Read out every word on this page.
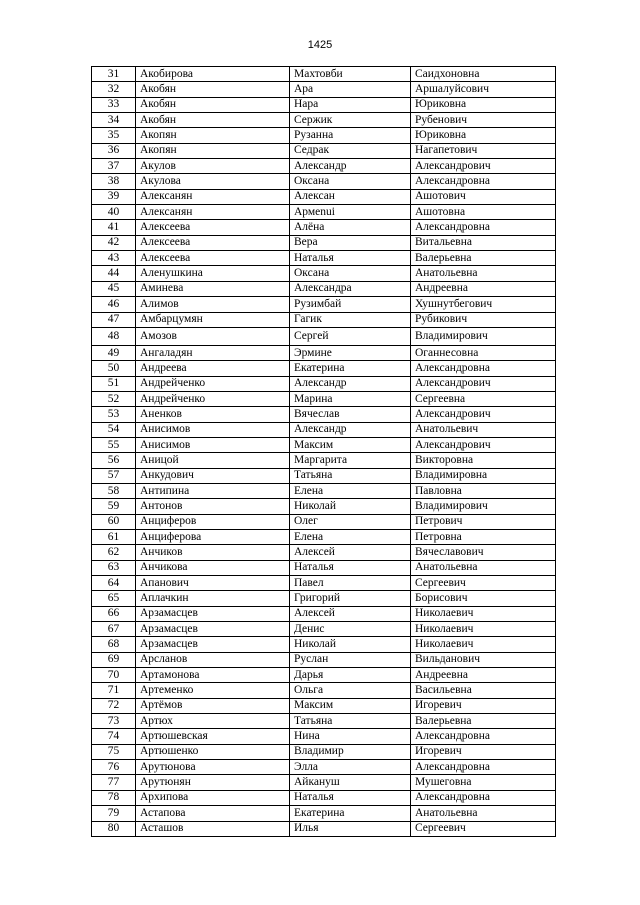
1425
31	Акобирова	Махтовби	Саидхоновна
32	Акобян	Ара	Аршалуйсович
33	Акобян	Нара	Юриковна
34	Акобян	Сержик	Рубенович
35	Акопян	Рузанна	Юриковна
36	Акопян	Седрак	Нагапетович
37	Акулов	Александр	Александрович
38	Акулова	Оксана	Александровна
39	Алексанян	Алексан	Ашотович
40	Алексанян	Армenui	Ашотовна
41	Алексеева	Алёна	Александровна
42	Алексеева	Вера	Витальевна
43	Алексеева	Наталья	Валерьевна
44	Аленушкина	Оксана	Анатольевна
45	Аминева	Александра	Андреевна
46	Алимов	Рузимбай	Хушнутбегович
47	Амбарцумян	Гагик	Рубикович
48	Амозов	Сергей	Владимирович
49	Ангаладян	Эрмине	Оганнесовна
50	Андреева	Екатерина	Александровна
51	Андрейченко	Александр	Александрович
52	Андрейченко	Марина	Сергеевна
53	Аненков	Вячеслав	Александрович
54	Анисимов	Александр	Анатольевич
55	Анисимов	Максим	Александрович
56	Аницой	Маргарита	Викторовна
57	Анкудович	Татьяна	Владимировна
58	Антипина	Елена	Павловна
59	Антонов	Николай	Владимирович
60	Анциферов	Олег	Петрович
61	Анциферова	Елена	Петровна
62	Анчиков	Алексей	Вячеславович
63	Анчикова	Наталья	Анатольевна
64	Апанович	Павел	Сергеевич
65	Аплачкин	Григорий	Борисович
66	Арзамасцев	Алексей	Николаевич
67	Арзамасцев	Денис	Николаевич
68	Арзамасцев	Николай	Николаевич
69	Арсланов	Руслан	Вильданович
70	Артамонова	Дарья	Андреевна
71	Артеменко	Ольга	Васильевна
72	Артёмов	Максим	Игоревич
73	Артюх	Татьяна	Валерьевна
74	Артюшевская	Нина	Александровна
75	Артюшенко	Владимир	Игоревич
76	Арутюнова	Элла	Александровна
77	Арутюнян	Айкануш	Мушеговна
78	Архипова	Наталья	Александровна
79	Астапова	Екатерина	Анатольевна
80	Асташов	Илья	Сергеевич
